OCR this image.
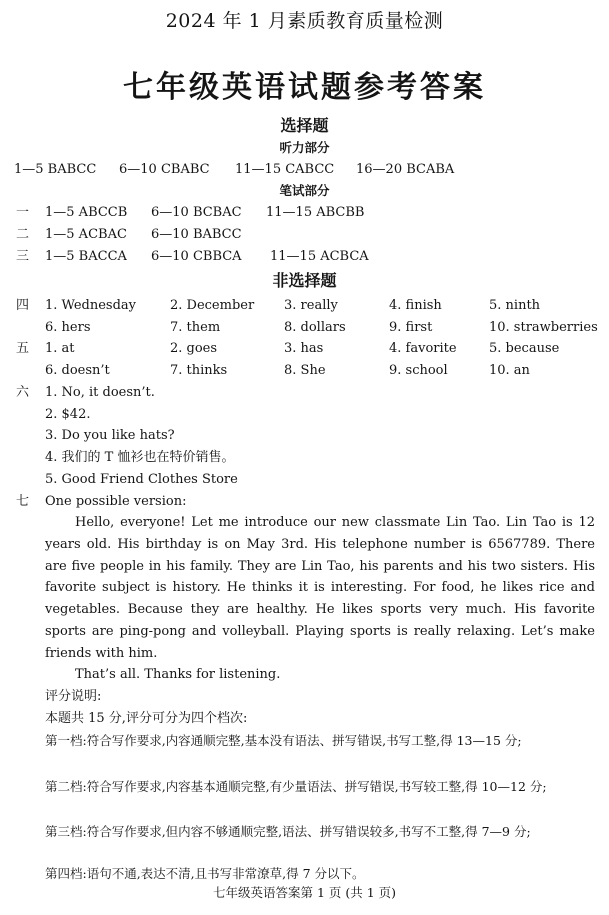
2024 年 1 月素质教育质量检测
七年级英语试题参考答案
选择题
听力部分
1—5 BABCC 6—10 CBABC 11—15 CABCC 16—20 BCABA
笔试部分
一 1—5 ABCCB 6—10 BCBAC 11—15 ABCBB
二 1—5 ACBAC 6—10 BABCC
三 1—5 BACCA 6—10 CBBCA 11—15 ACBCA
非选择题
四 1. Wednesday	2. December 3. really	4. finish	5. ninth
6. hers	7. them	8. dollars	9. first	10. strawberries
五 1. at	2. goes	3. has	4. favorite 5. because
6. doesn’t	7. thinks	8. She	9. school	10. an
六 1. No, it doesn’t.
2. $42.
3. Do you like hats?
4. 我们的 T 恤衫也在特价销售。
5. Good Friend Clothes Store
七 One possible version:
Hello, everyone! Let me introduce our new classmate Lin Tao. Lin Tao is 12 years old. His birthday is on May 3rd. His telephone number is 6567789. There are five people in his family. They are Lin Tao, his parents and his two sisters. His favorite subject is history. He thinks it is interesting. For food, he likes rice and vegetables. Because they are healthy. He likes sports very much. His favorite sports are ping-pong and volleyball. Playing sports is really relaxing. Let’s make friends with him.
That’s all. Thanks for listening.
评分说明:
本题共 15 分,评分可分为四个档次:
第一档:符合写作要求,内容通顺完整,基本没有语法、拼写错误,书写工整,得 13—15 分;
第二档:符合写作要求,内容基本通顺完整,有少量语法、拼写错误,书写较工整,得 10—12 分;
第三档:符合写作要求,但内容不够通顺完整,语法、拼写错误较多,书写不工整,得 7—9 分;
第四档:语句不通,表达不清,且书写非常潦草,得 7 分以下。
七年级英语答案第 1 页 (共 1 页)
